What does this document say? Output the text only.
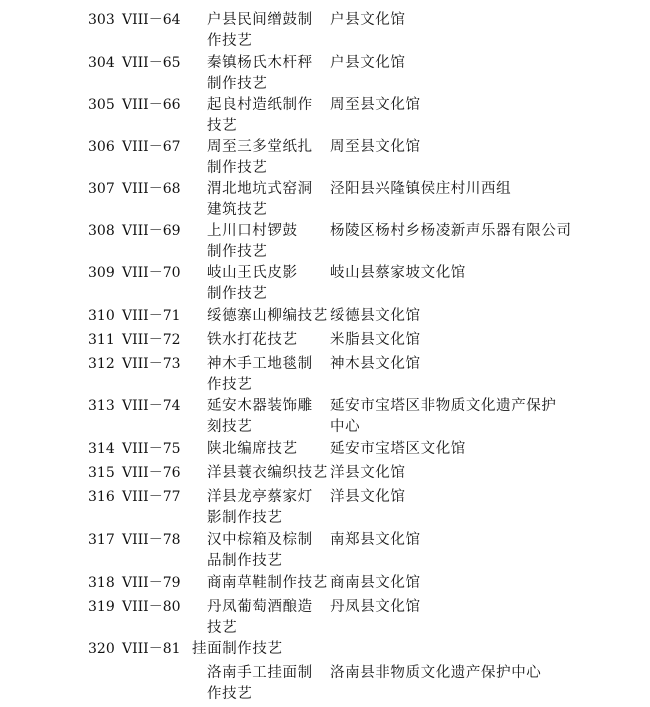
303 VIII－64 户县民间缯鼓制
作技艺
户县文化馆
304 VIII－65 秦镇杨氏木杆秤
制作技艺
户县文化馆
305 VIII－66 起良村造纸制作
技艺
周至县文化馆
306 VIII－67 周至三多堂纸扎
制作技艺
周至县文化馆
307 VIII－68 渭北地坑式窑洞
建筑技艺
泾阳县兴隆镇侯庄村川西组
308 VIII－69 上川口村锣鼓
制作技艺
杨陵区杨村乡杨凌新声乐器有限公司
309 VIII－70 岐山王氏皮影
制作技艺
岐山县蔡家坡文化馆
310 VIII－71 绥德寨山柳编技艺 绥德县文化馆
311 VIII－72 铁水打花技艺	米脂县文化馆
312 VIII－73 神木手工地毯制
作技艺
神木县文化馆
313 VIII－74 延安木器装饰雕
刻技艺
延安市宝塔区非物质文化遗产保护
中心
314 VIII－75 陕北编席技艺	延安市宝塔区文化馆
315 VIII－76 洋县蓑衣编织技艺 洋县文化馆
316 VIII－77 洋县龙亭蔡家灯
影制作技艺
洋县文化馆
317 VIII－78 汉中棕箱及棕制
品制作技艺
南郑县文化馆
318 VIII－79 商南草鞋制作技艺 商南县文化馆
319 VIII－80 丹凤葡萄酒酿造
技艺
丹凤县文化馆
320 VIII－81 挂面制作技艺
洛南手工挂面制
作技艺
洛南县非物质文化遗产保护中心
